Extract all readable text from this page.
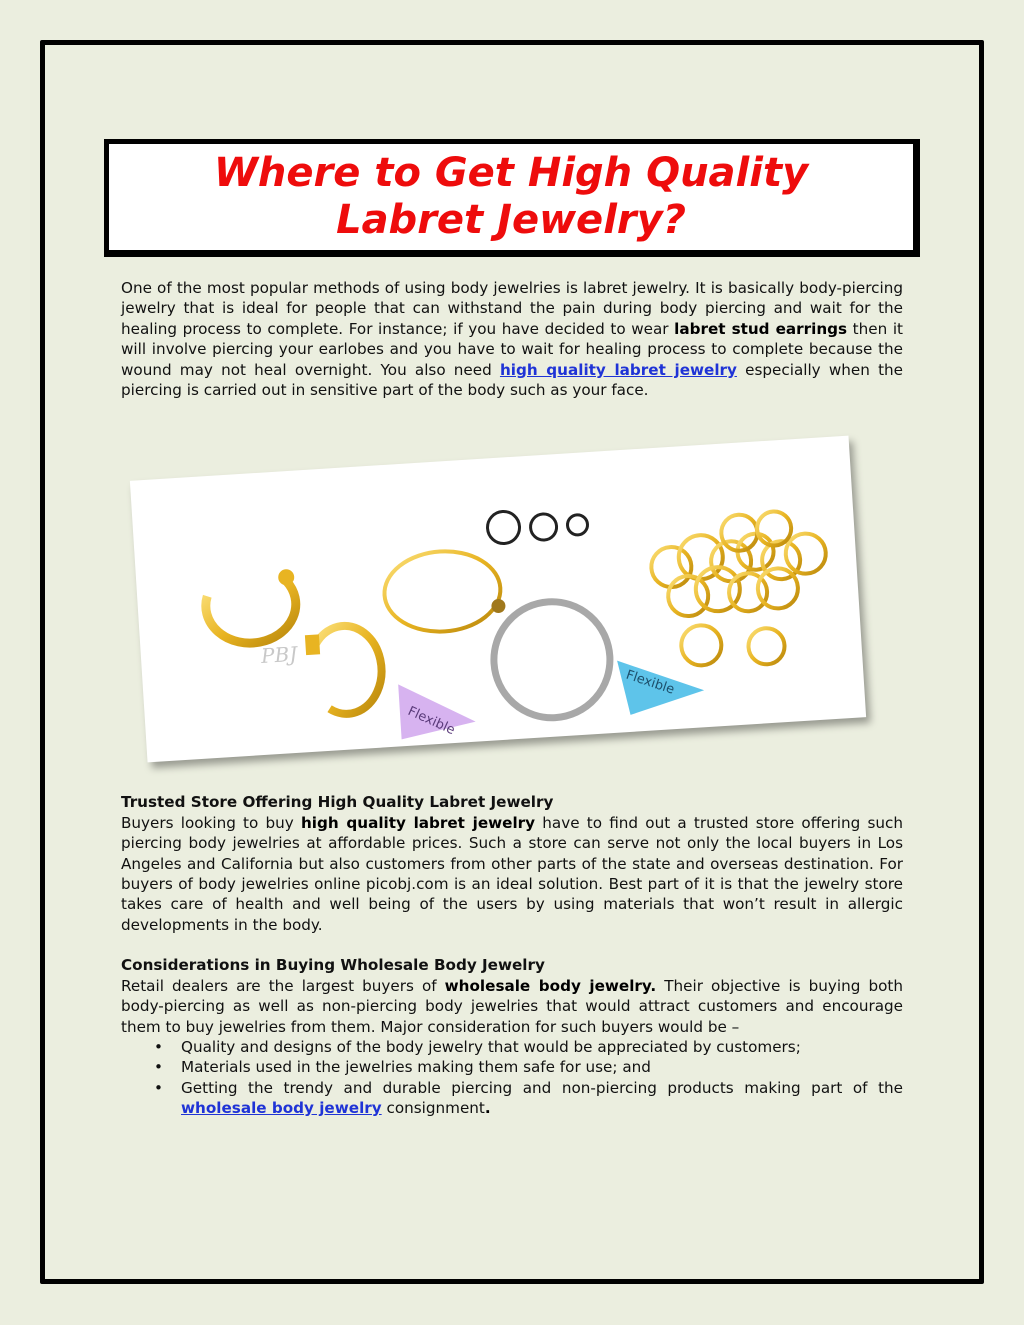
Where to Get High Quality Labret Jewelry?

One of the most popular methods of using body jewelries is labret jewelry. It is basically body-piercing jewelry that is ideal for people that can withstand the pain during body piercing and wait for the healing process to complete. For instance; if you have decided to wear labret stud earrings then it will involve piercing your earlobes and you have to wait for healing process to complete because the wound may not heal overnight. You also need high quality labret jewelry especially when the piercing is carried out in sensitive part of the body such as your face.

Trusted Store Offering High Quality Labret Jewelry

Buyers looking to buy high quality labret jewelry have to find out a trusted store offering such piercing body jewelries at affordable prices. Such a store can serve not only the local buyers in Los Angeles and California but also customers from other parts of the state and overseas destination. For buyers of body jewelries online picobj.com is an ideal solution. Best part of it is that the jewelry store takes care of health and well being of the users by using materials that won’t result in allergic developments in the body.

Considerations in Buying Wholesale Body Jewelry

Retail dealers are the largest buyers of wholesale body jewelry. Their objective is buying both body-piercing as well as non-piercing body jewelries that would attract customers and encourage them to buy jewelries from them. Major consideration for such buyers would be –

• Quality and designs of the body jewelry that would be appreciated by customers;
• Materials used in the jewelries making them safe for use; and
• Getting the trendy and durable piercing and non-piercing products making part of the wholesale body jewelry consignment.
PBJ
Flexible
Flexible
